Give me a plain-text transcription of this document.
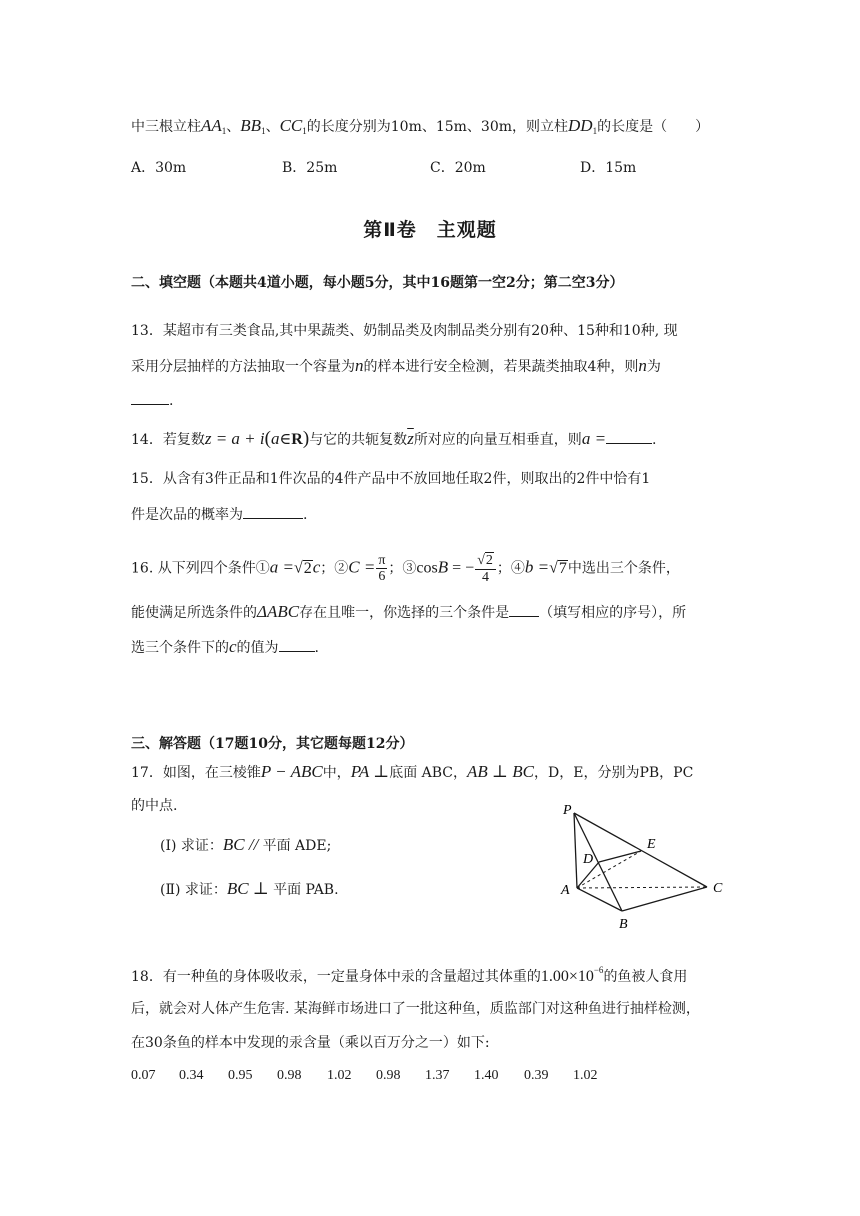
中三根立柱$AA_1$、$BB_1$、$CC_1$的长度分别为10m、15m、30m，则立柱$DD_1$的长度是（　　）
A．30m	B．25m	C．20m	D．15m
第Ⅱ卷　主观题
二、填空题（本题共4道小题，每小题5分，其中16题第一空2分；第二空3分）
13．某超市有三类食品,其中果蔬类、奶制品类及肉制品类分别有20种、15种和10种, 现
采用分层抽样的方法抽取一个容量为n的样本进行安全检测，若果蔬类抽取4种，则n为
.
14．若复数z = a + i(a∈R)与它的共轭复数$\overline{z}$所对应的向量互相垂直，则a =	.
15．从含有3件正品和1件次品的4件产品中不放回地任取2件，则取出的2件中恰有1
件是次品的概率为	.
16. 从下列四个条件①a =√2c；②C = $\frac{\pi}{6}$ ；③cosB = − $\frac{√2}{4}$ ；④b =√7中选出三个条件，
能使满足所选条件的ΔABC存在且唯一，你选择的三个条件是 （填写相应的序号），所
选三个条件下的c的值为	.
三、解答题（17题10分，其它题每题12分）
17．如图，在三棱锥P − ABC中，PA ⊥底面 ABC，AB ⊥ BC，D，E，分别为PB，PC
的中点.
(Ⅰ) 求证：BC // 平面 ADE;
(Ⅱ) 求证：BC ⊥ 平面 PAB.
P
A
B
C
D
E
18．有一种鱼的身体吸收汞，一定量身体中汞的含量超过其体重的$1.00\times 10^{-6}$的鱼被人食用
后，就会对人体产生危害. 某海鲜市场进口了一批这种鱼，质监部门对这种鱼进行抽样检测，
在30条鱼的样本中发现的汞含量（乘以百万分之一）如下:
0.07 0.34 0.95 0.98 1.02 0.98 1.37 1.40 0.39 1.02
